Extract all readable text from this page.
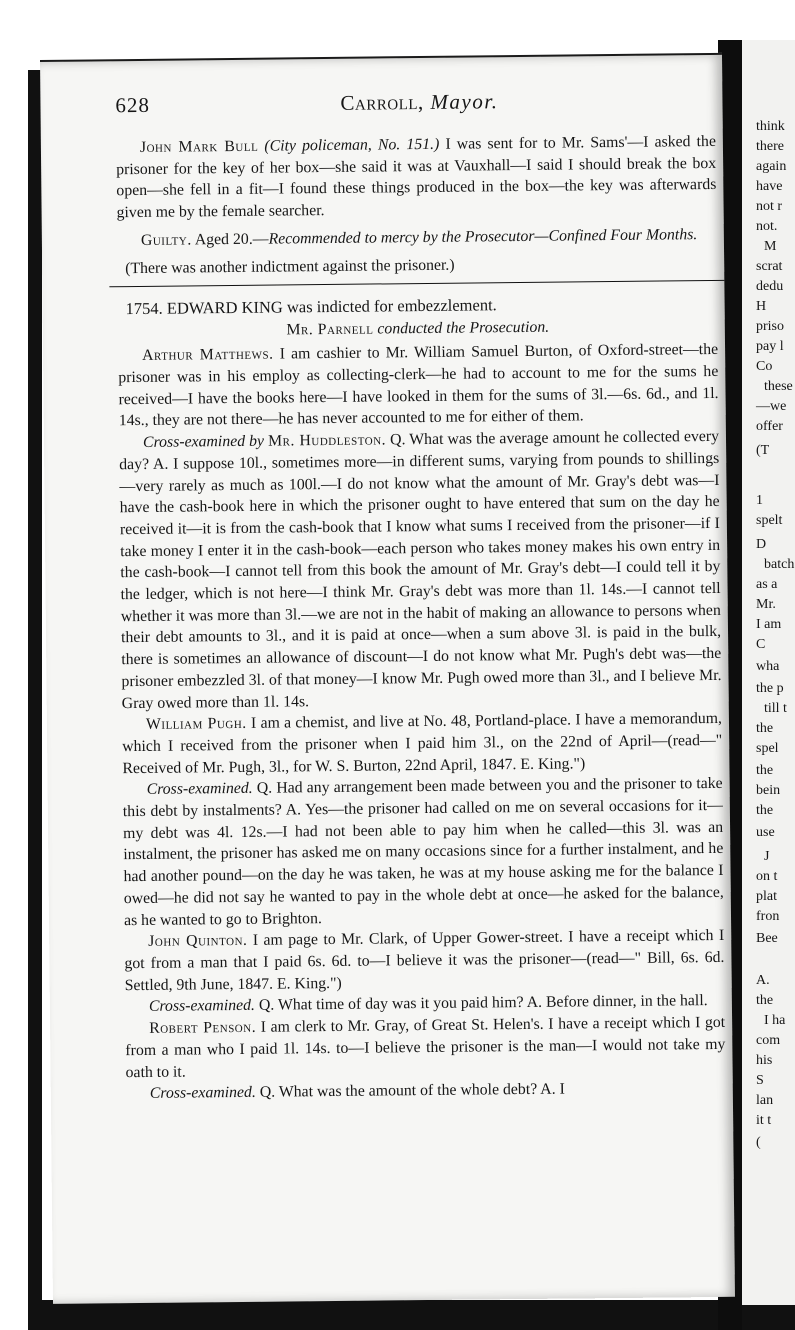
think
there
again
have
not r
not.
M
scrat
dedu
H
priso
pay l
Co
these
—we
offer
(T
1
spelt
D
batch
as a
Mr.
I am
C
wha
the p
till t
the
spel
the
bein
the
use
J
on t
plat
fron
Bee
A.
the
I ha
com
his
S
lan
it t
(
628	Carroll, Mayor.

John Mark Bull (City policeman, No. 151.) I was sent for to Mr. Sams'—I asked the prisoner for the key of her box—she said it was at Vauxhall—I said I should break the box open—she fell in a fit—I found these things produced in the box—the key was afterwards given me by the female searcher.

Guilty. Aged 20.—Recommended to mercy by the Prosecutor—Confined Four Months.

(There was another indictment against the prisoner.)

1754. EDWARD KING was indicted for embezzlement.

Mr. Parnell conducted the Prosecution.

Arthur Matthews. I am cashier to Mr. William Samuel Burton, of Oxford-street—the prisoner was in his employ as collecting-clerk—he had to account to me for the sums he received—I have the books here—I have looked in them for the sums of 3l.—6s. 6d., and 1l. 14s., they are not there—he has never accounted to me for either of them.

Cross-examined by Mr. Huddleston. Q. What was the average amount he collected every day? A. I suppose 10l., sometimes more—in different sums, varying from pounds to shillings—very rarely as much as 100l.—I do not know what the amount of Mr. Gray's debt was—I have the cash-book here in which the prisoner ought to have entered that sum on the day he received it—it is from the cash-book that I know what sums I received from the prisoner—if I take money I enter it in the cash-book—each person who takes money makes his own entry in the cash-book—I cannot tell from this book the amount of Mr. Gray's debt—I could tell it by the ledger, which is not here—I think Mr. Gray's debt was more than 1l. 14s.—I cannot tell whether it was more than 3l.—we are not in the habit of making an allowance to persons when their debt amounts to 3l., and it is paid at once—when a sum above 3l. is paid in the bulk, there is sometimes an allowance of discount—I do not know what Mr. Pugh's debt was—the prisoner embezzled 3l. of that money—I know Mr. Pugh owed more than 3l., and I believe Mr. Gray owed more than 1l. 14s.

William Pugh. I am a chemist, and live at No. 48, Portland-place. I have a memorandum, which I received from the prisoner when I paid him 3l., on the 22nd of April—(read—" Received of Mr. Pugh, 3l., for W. S. Burton, 22nd April, 1847. E. King.")

Cross-examined. Q. Had any arrangement been made between you and the prisoner to take this debt by instalments? A. Yes—the prisoner had called on me on several occasions for it—my debt was 4l. 12s.—I had not been able to pay him when he called—this 3l. was an instalment, the prisoner has asked me on many occasions since for a further instalment, and he had another pound—on the day he was taken, he was at my house asking me for the balance I owed—he did not say he wanted to pay in the whole debt at once—he asked for the balance, as he wanted to go to Brighton.

John Quinton. I am page to Mr. Clark, of Upper Gower-street. I have a receipt which I got from a man that I paid 6s. 6d. to—I believe it was the prisoner—(read—" Bill, 6s. 6d. Settled, 9th June, 1847. E. King.")

Cross-examined. Q. What time of day was it you paid him? A. Before dinner, in the hall.

Robert Penson. I am clerk to Mr. Gray, of Great St. Helen's. I have a receipt which I got from a man who I paid 1l. 14s. to—I believe the prisoner is the man—I would not take my oath to it.

Cross-examined. Q. What was the amount of the whole debt? A. I
